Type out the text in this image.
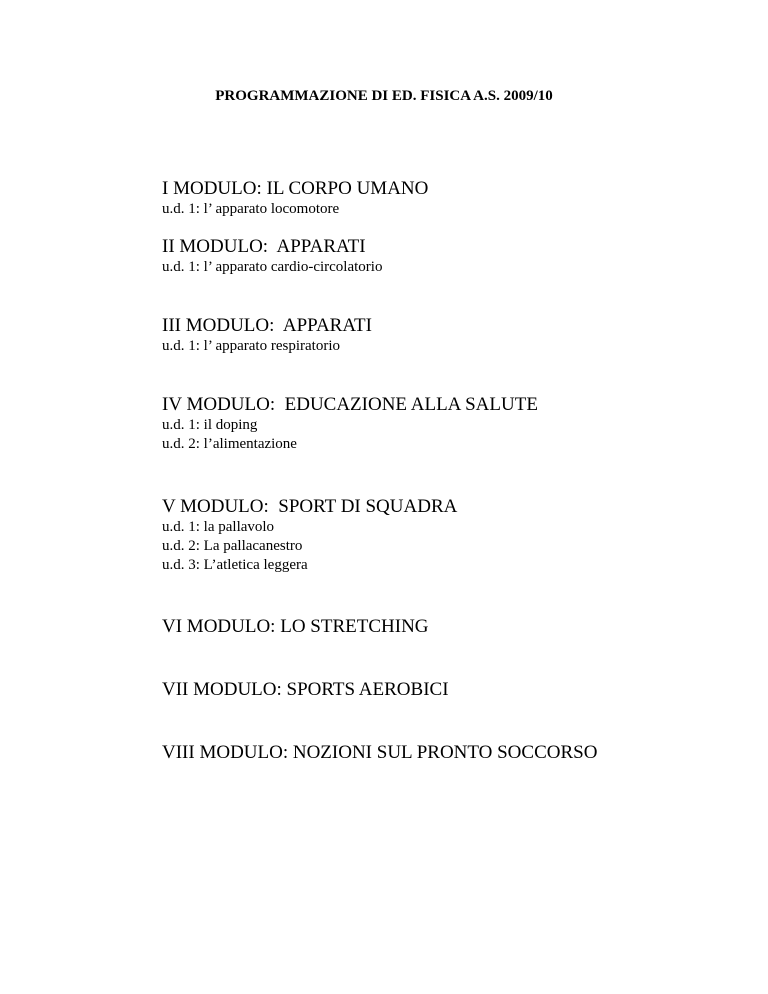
PROGRAMMAZIONE DI ED. FISICA A.S. 2009/10
I MODULO: IL CORPO UMANO
u.d. 1: l’ apparato locomotore
II MODULO:  APPARATI
u.d. 1: l’ apparato cardio-circolatorio
III MODULO:  APPARATI
u.d. 1: l’ apparato respiratorio
IV MODULO:  EDUCAZIONE ALLA SALUTE
u.d. 1: il doping
u.d. 2: l’alimentazione
V MODULO:  SPORT DI SQUADRA
u.d. 1: la pallavolo
u.d. 2: La pallacanestro
u.d. 3: L’atletica leggera
VI MODULO: LO STRETCHING
VII MODULO: SPORTS AEROBICI
VIII MODULO: NOZIONI SUL PRONTO SOCCORSO
